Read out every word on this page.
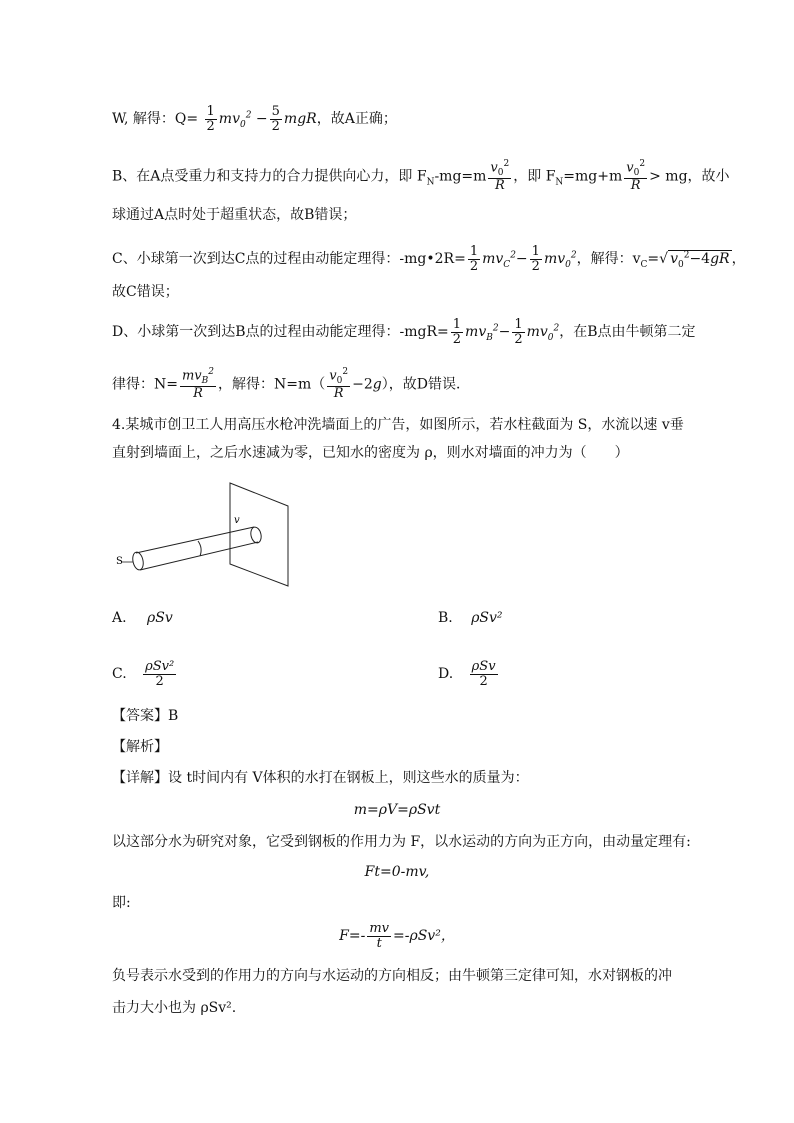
W, 解得：$Q= \frac{1}{2} mv_0^2 - \frac{5}{2}$ mgR，故A正确；
B、在A点受重力和支持力的合力提供向心力，即 $F_N-mg=m \frac{v_0^2}{R}$ ，即 $F_N=mg+m \frac{v_0^2}{R}$ > mg，故小
球通过A点时处于超重状态，故B错误；
C、小球第一次到达C点的过程由动能定理得：-mg•2R= $\frac{1}{2} mv_C^2- \frac{1}{2} mv_0^2$，解得：$v_C=√$ $v_0^2-4gR$ ，
故C错误；
D、小球第一次到达B点的过程由动能定理得：$-mgR= \frac{1}{2} mv_B^2- \frac{1}{2} mv_0^2$，在B点由牛顿第二定
律得：$N= \frac{mv_B^2}{R}$ ，解得：$N=m( \frac{v_0^2}{R} -2g)$，故D错误．
4.某城市创卫工人用高压水枪冲洗墙面上的广告，如图所示，若水柱截面为 S，水流以速 v垂
直射到墙面上，之后水速减为零，已知水的密度为 ρ，则水对墙面的冲力为（　　）
v
S
A. ρSv	B. ρSv²
C. $\frac{\text{ρSv²}}{2}$	D. $\frac{\text{ρSv}}{2}$
【答案】B
【解析】
【详解】设 t时间内有 V体积的水打在钢板上，则这些水的质量为：
m=ρV=ρSvt
以这部分水为研究对象，它受到钢板的作用力为 F，以水运动的方向为正方向，由动量定理有:
Ft=0-mv,
即:
$F=- \frac{mv}{t} =-\rho Sv^2$，
负号表示水受到的作用力的方向与水运动的方向相反；由牛顿第三定律可知，水对钢板的冲
击力大小也为 ρSv².
